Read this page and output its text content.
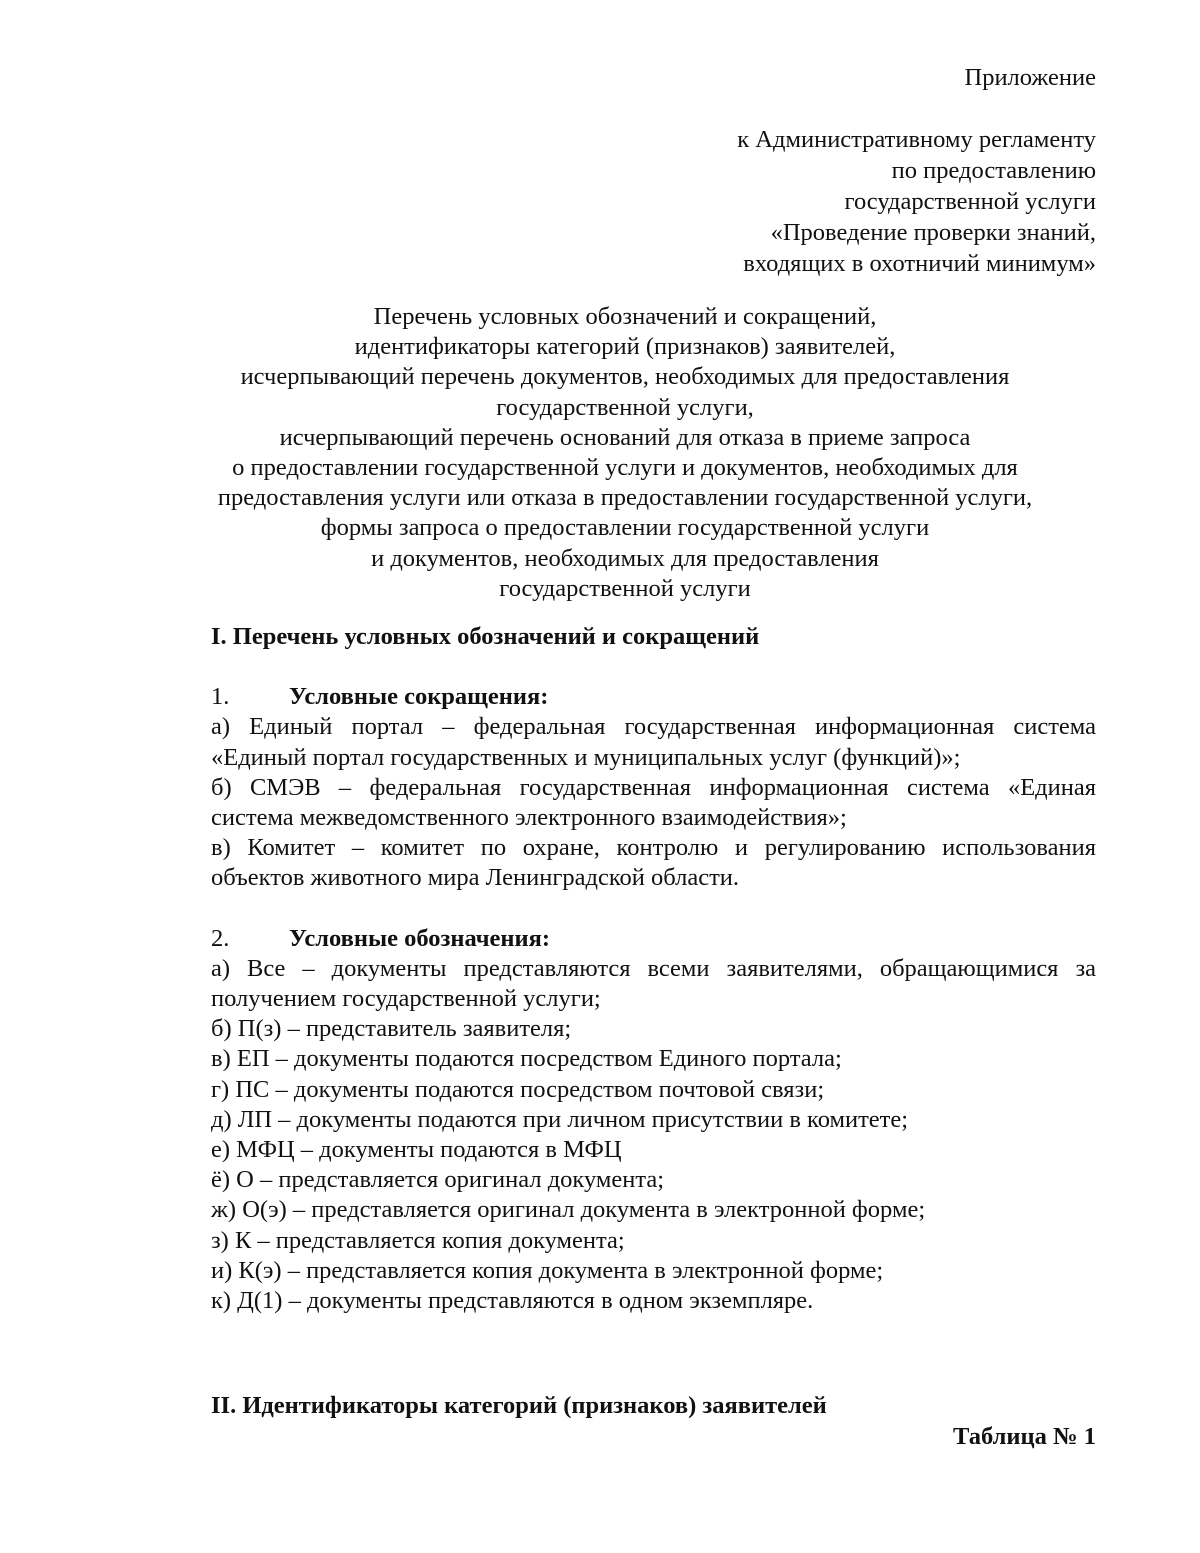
Приложение

к Административному регламенту
по предоставлению
государственной услуги
«Проведение проверки знаний,
входящих в охотничий минимум»
Перечень условных обозначений и сокращений,
идентификаторы категорий (признаков) заявителей,
исчерпывающий перечень документов, необходимых для предоставления
государственной услуги,
исчерпывающий перечень оснований для отказа в приеме запроса
о предоставлении государственной услуги и документов, необходимых для
предоставления услуги или отказа в предоставлении государственной услуги,
формы запроса о предоставлении государственной услуги
и документов, необходимых для предоставления
государственной услуги

I. Перечень условных обозначений и сокращений

1.	Условные сокращения:

а) Единый портал – федеральная государственная информационная система «Единый портал государственных и муниципальных услуг (функций)»;

б) СМЭВ – федеральная государственная информационная система «Единая система межведомственного электронного взаимодействия»;

в) Комитет – комитет по охране, контролю и регулированию использования объектов животного мира Ленинградской области.

2.	Условные обозначения:

а) Все – документы представляются всеми заявителями, обращающимися за получением государственной услуги;

б) П(з) – представитель заявителя;

в) ЕП – документы подаются посредством Единого портала;

г) ПС – документы подаются посредством почтовой связи;

д) ЛП – документы подаются при личном присутствии в комитете;

е) МФЦ – документы подаются в МФЦ

ё) О – представляется оригинал документа;

ж) О(э) – представляется оригинал документа в электронной форме;

з) К – представляется копия документа;

и) К(э) – представляется копия документа в электронной форме;

к) Д(1) – документы представляются в одном экземпляре.

II. Идентификаторы категорий (признаков) заявителей

Таблица № 1
